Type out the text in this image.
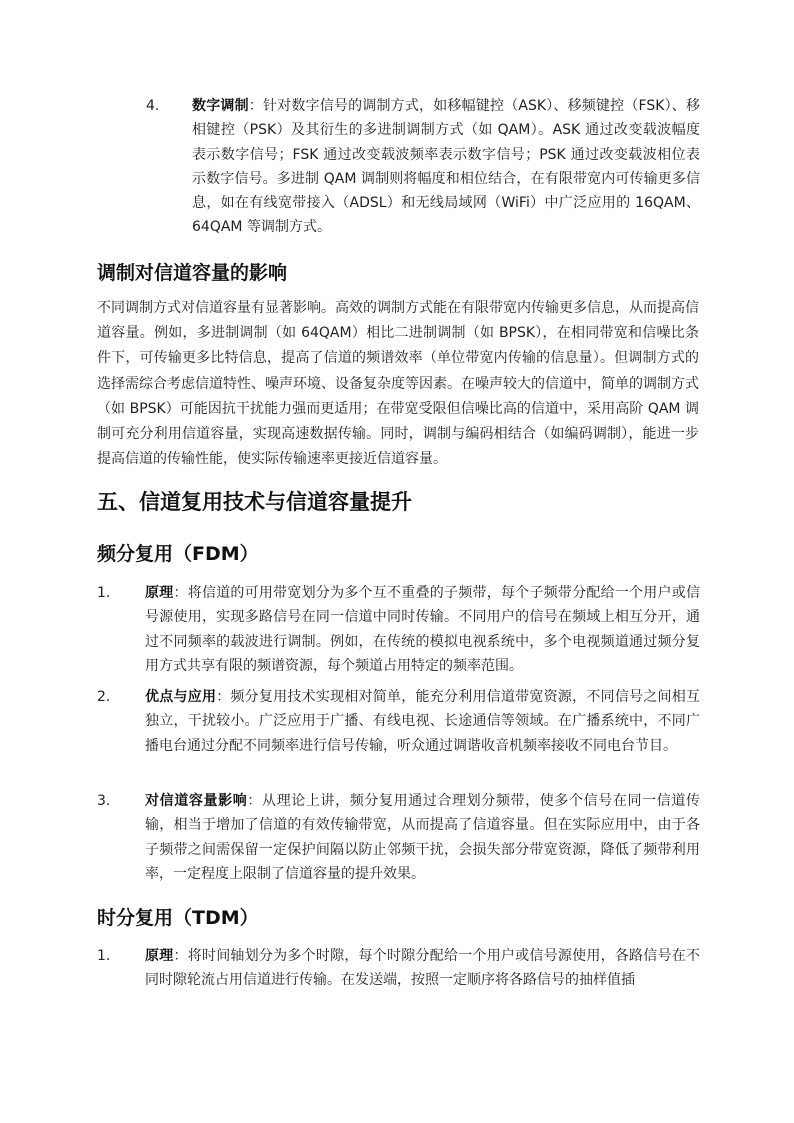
4. 数字调制：针对数字信号的调制方式，如移幅键控（ASK）、移频键控（FSK）、移相键控（PSK）及其衍生的多进制调制方式（如 QAM）。ASK 通过改变载波幅度表示数字信号；FSK 通过改变载波频率表示数字信号；PSK 通过改变载波相位表示数字信号。多进制 QAM 调制则将幅度和相位结合，在有限带宽内可传输更多信息，如在有线宽带接入（ADSL）和无线局域网（WiFi）中广泛应用的 16QAM、64QAM 等调制方式。
调制对信道容量的影响
不同调制方式对信道容量有显著影响。高效的调制方式能在有限带宽内传输更多信息，从而提高信道容量。例如，多进制调制（如 64QAM）相比二进制调制（如 BPSK），在相同带宽和信噪比条件下，可传输更多比特信息，提高了信道的频谱效率（单位带宽内传输的信息量）。但调制方式的选择需综合考虑信道特性、噪声环境、设备复杂度等因素。在噪声较大的信道中，简单的调制方式（如 BPSK）可能因抗干扰能力强而更适用；在带宽受限但信噪比高的信道中，采用高阶 QAM 调制可充分利用信道容量，实现高速数据传输。同时，调制与编码相结合（如编码调制），能进一步提高信道的传输性能，使实际传输速率更接近信道容量。
五、信道复用技术与信道容量提升
频分复用（FDM）
1. 原理：将信道的可用带宽划分为多个互不重叠的子频带，每个子频带分配给一个用户或信号源使用，实现多路信号在同一信道中同时传输。不同用户的信号在频域上相互分开，通过不同频率的载波进行调制。例如，在传统的模拟电视系统中，多个电视频道通过频分复用方式共享有限的频谱资源，每个频道占用特定的频率范围。
2. 优点与应用：频分复用技术实现相对简单，能充分利用信道带宽资源，不同信号之间相互独立，干扰较小。广泛应用于广播、有线电视、长途通信等领域。在广播系统中，不同广播电台通过分配不同频率进行信号传输，听众通过调谐收音机频率接收不同电台节目。
3. 对信道容量影响：从理论上讲，频分复用通过合理划分频带，使多个信号在同一信道传输，相当于增加了信道的有效传输带宽，从而提高了信道容量。但在实际应用中，由于各子频带之间需保留一定保护间隔以防止邻频干扰，会损失部分带宽资源，降低了频带利用率，一定程度上限制了信道容量的提升效果。
时分复用（TDM）
1. 原理：将时间轴划分为多个时隙，每个时隙分配给一个用户或信号源使用，各路信号在不同时隙轮流占用信道进行传输。在发送端，按照一定顺序将各路信号的抽样值插
